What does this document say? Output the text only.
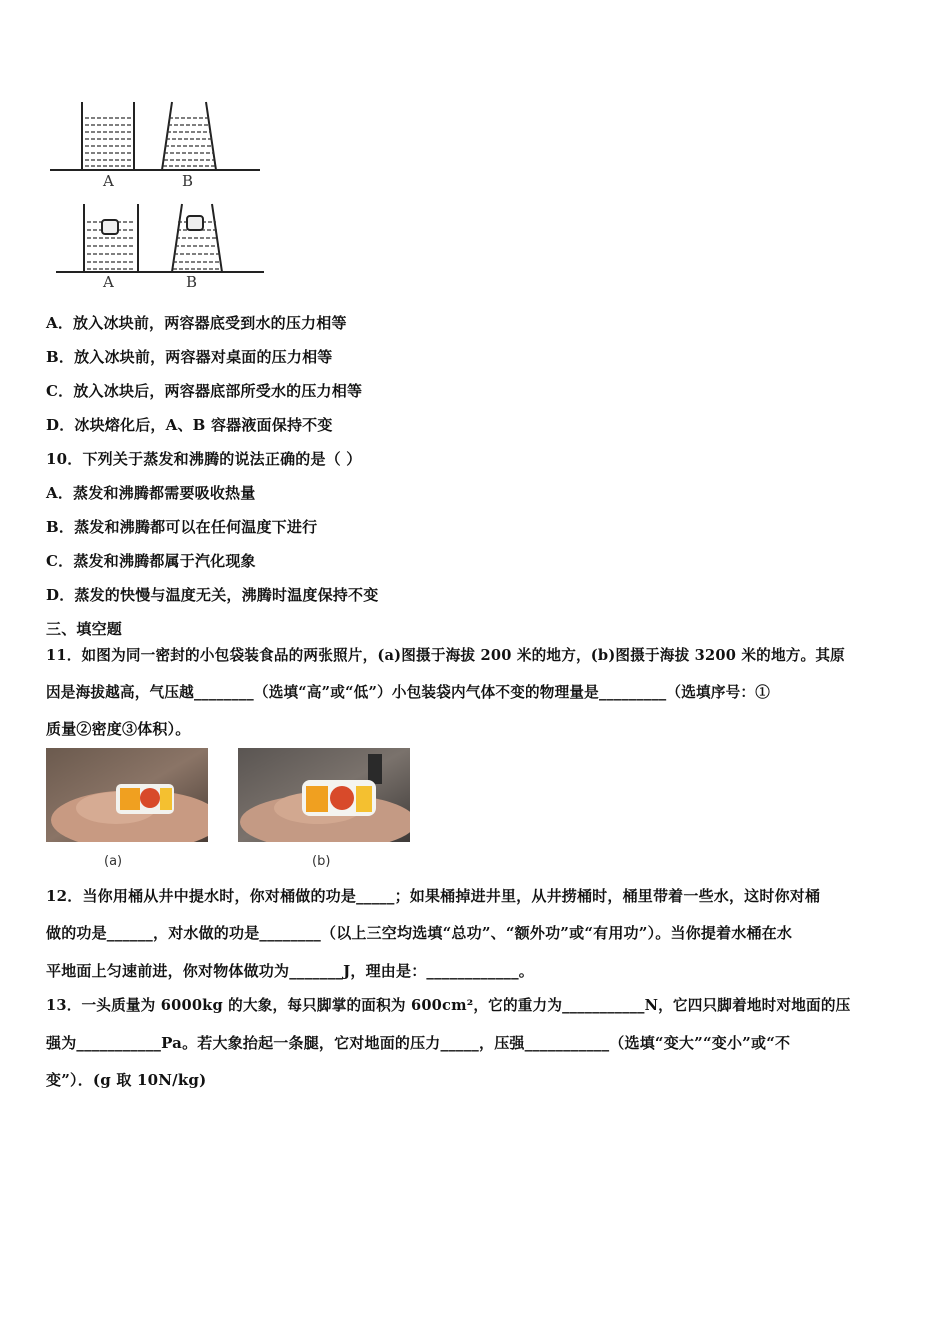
A	B
A	B
A．放入冰块前，两容器底受到水的压力相等
B．放入冰块前，两容器对桌面的压力相等
C．放入冰块后，两容器底部所受水的压力相等
D．冰块熔化后，A、B 容器液面保持不变
10．下列关于蒸发和沸腾的说法正确的是（ ）
A．蒸发和沸腾都需要吸收热量
B．蒸发和沸腾都可以在任何温度下进行
C．蒸发和沸腾都属于汽化现象
D．蒸发的快慢与温度无关，沸腾时温度保持不变
三、填空题
11．如图为同一密封的小包袋装食品的两张照片，(a)图摄于海拔 200 米的地方，(b)图摄于海拔 3200 米的地方。其原
因是海拔越高，气压越________（选填“高”或“低”）小包装袋内气体不变的物理量是_________（选填序号：①
质量②密度③体积）。
(a)	(b)
12．当你用桶从井中提水时，你对桶做的功是_____；如果桶掉进井里，从井捞桶时，桶里带着一些水，这时你对桶
做的功是______，对水做的功是________（以上三空均选填“总功”、“额外功”或“有用功”）。当你提着水桶在水
平地面上匀速前进，你对物体做功为_______J，理由是：____________。
13．一头质量为 6000kg 的大象，每只脚掌的面积为 600cm²，它的重力为___________N，它四只脚着地时对地面的压
强为___________Pa。若大象抬起一条腿，它对地面的压力_____，压强___________（选填“变大”“变小”或“不
变”）．(g 取 10N/kg)
